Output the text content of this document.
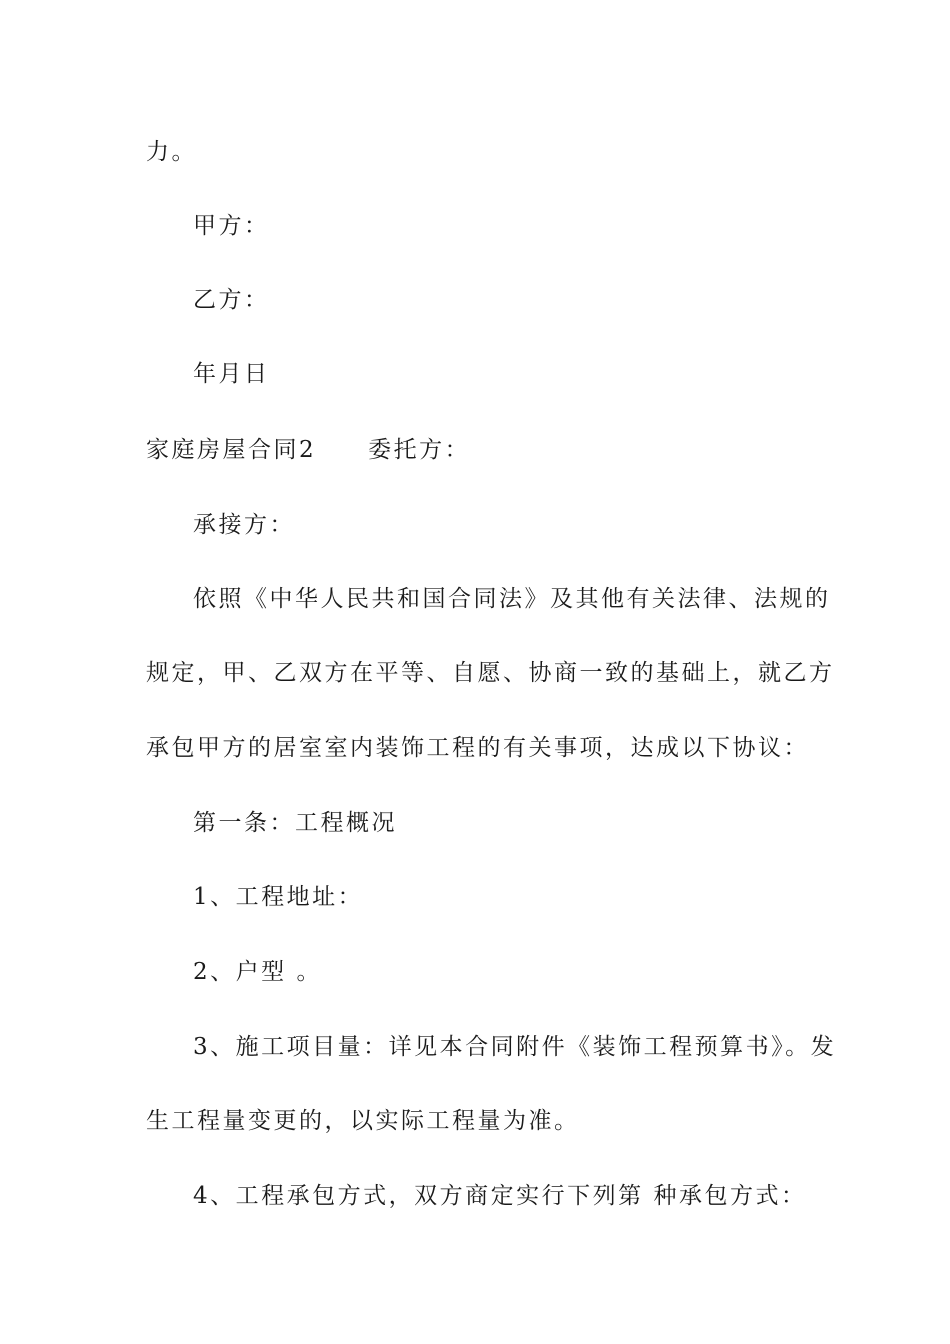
力。
甲方：
乙方：
年月日
家庭房屋合同2 委托方：
承接方：
依照《中华人民共和国合同法》及其他有关法律、法规的
规定，甲、乙双方在平等、自愿、协商一致的基础上，就乙方
承包甲方的居室室内装饰工程的有关事项，达成以下协议：
第一条：工程概况
1、工程地址：
2、户型 。
3、施工项目量：详见本合同附件《装饰工程预算书》。发
生工程量变更的，以实际工程量为准。
4、工程承包方式，双方商定实行下列第 种承包方式：
